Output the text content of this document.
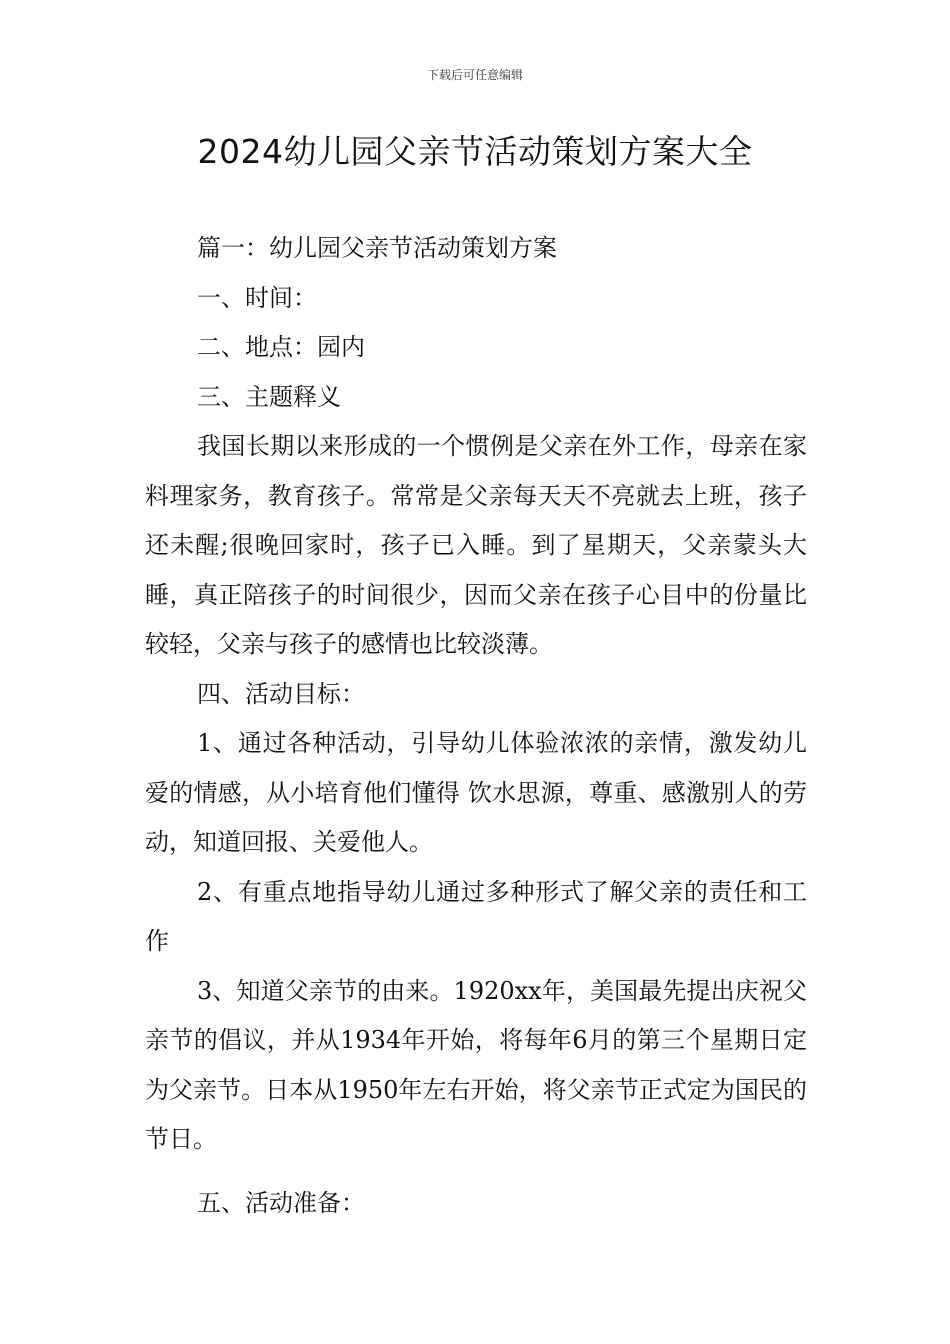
下载后可任意编辑
2024幼儿园父亲节活动策划方案大全

篇一：幼儿园父亲节活动策划方案

一、时间：

二、地点：园内

三、主题释义

我国长期以来形成的一个惯例是父亲在外工作，母亲在家料理家务，教育孩子。常常是父亲每天天不亮就去上班，孩子还未醒;很晚回家时，孩子已入睡。到了星期天，父亲蒙头大睡，真正陪孩子的时间很少，因而父亲在孩子心目中的份量比较轻，父亲与孩子的感情也比较淡薄。

四、活动目标：

1、通过各种活动，引导幼儿体验浓浓的亲情，激发幼儿爱的情感，从小培育他们懂得 饮水思源，尊重、感激别人的劳动，知道回报、关爱他人。

2、有重点地指导幼儿通过多种形式了解父亲的责任和工作

3、知道父亲节的由来。1920xx年，美国最先提出庆祝父亲节的倡议，并从1934年开始，将每年6月的第三个星期日定为父亲节。日本从1950年左右开始，将父亲节正式定为国民的节日。

五、活动准备：
